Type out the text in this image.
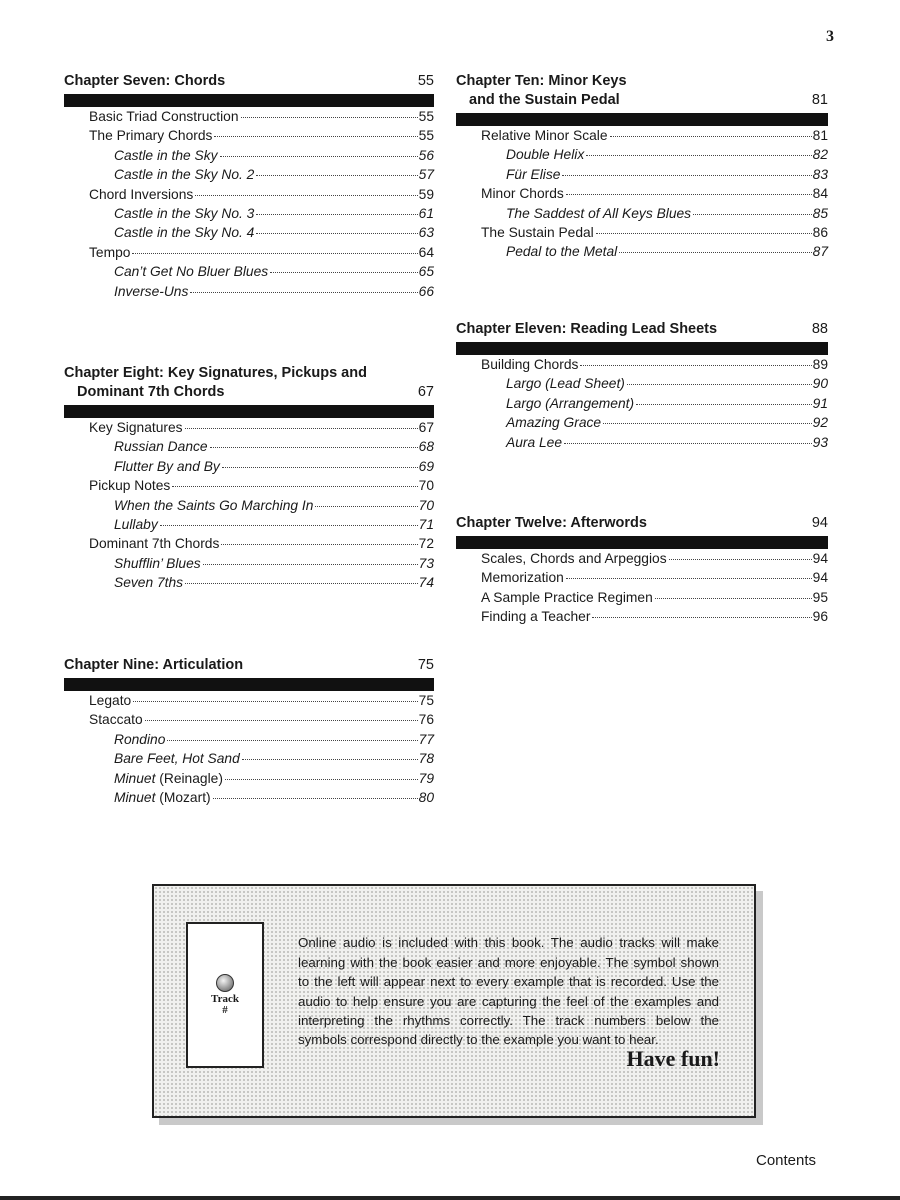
3
Chapter Seven: Chords	55
Basic Triad Construction	55
The Primary Chords	55
Castle in the Sky	56
Castle in the Sky No. 2	57
Chord Inversions	59
Castle in the Sky No. 3	61
Castle in the Sky No. 4	63
Tempo	64
Can’t Get No Bluer Blues	65
Inverse-Uns	66
Chapter Eight: Key Signatures, Pickups and
Dominant 7th Chords	67
Key Signatures	67
Russian Dance	68
Flutter By and By	69
Pickup Notes	70
When the Saints Go Marching In	70
Lullaby	71
Dominant 7th Chords	72
Shufflin’ Blues	73
Seven 7ths	74
Chapter Nine: Articulation	75
Legato	75
Staccato	76
Rondino	77
Bare Feet, Hot Sand	78
Minuet (Reinagle)	79
Minuet (Mozart)	80
Chapter Ten: Minor Keys
and the Sustain Pedal	81
Relative Minor Scale	81
Double Helix	82
Für Elise	83
Minor Chords	84
The Saddest of All Keys Blues	85
The Sustain Pedal	86
Pedal to the Metal	87
Chapter Eleven: Reading Lead Sheets	88
Building Chords	89
Largo (Lead Sheet)	90
Largo (Arrangement)	91
Amazing Grace	92
Aura Lee	93
Chapter Twelve: Afterwords	94
Scales, Chords and Arpeggios	94
Memorization	94
A Sample Practice Regimen	95
Finding a Teacher	96
Track
#

Online audio is included with this book. The audio tracks will make learning with the book easier and more enjoyable. The symbol shown to the left will appear next to every example that is recorded. Use the audio to help ensure you are capturing the feel of the examples and interpreting the rhythms correctly. The track numbers below the symbols correspond directly to the example you want to hear.

Have fun!
Contents
